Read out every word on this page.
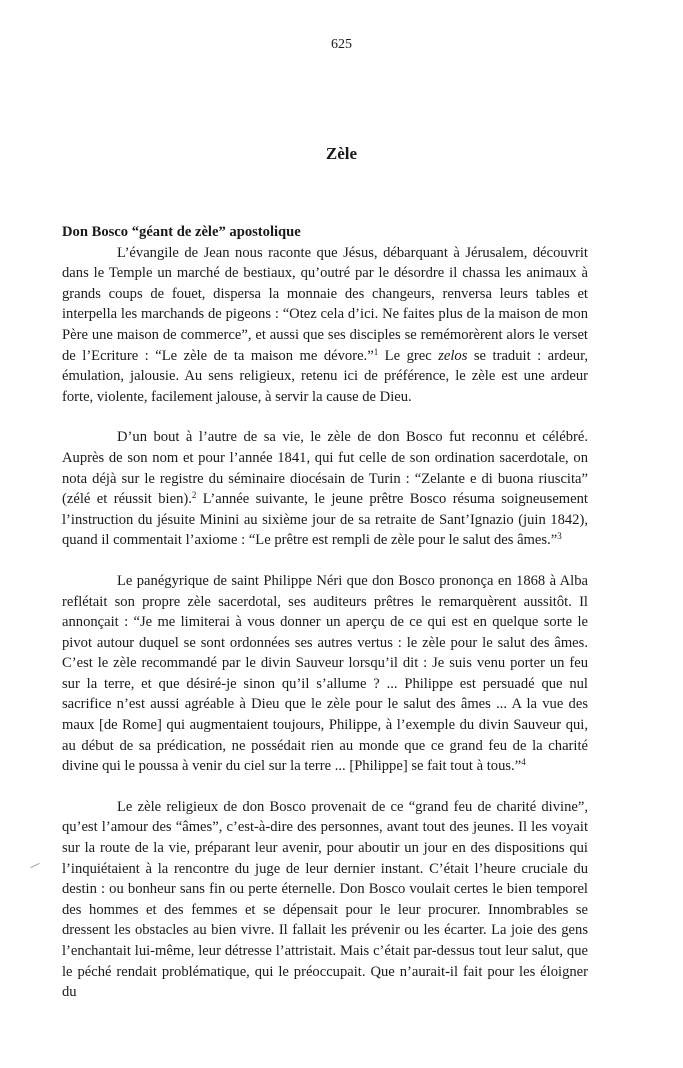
625
Zèle

Don Bosco “géant de zèle” apostolique

L’évangile de Jean nous raconte que Jésus, débarquant à Jérusalem, découvrit dans le Temple un marché de bestiaux, qu’outré par le désordre il chassa les animaux à grands coups de fouet, dispersa la monnaie des changeurs, renversa leurs tables et interpella les marchands de pigeons : “Otez cela d’ici. Ne faites plus de la maison de mon Père une maison de commerce”, et aussi que ses disciples se remémorèrent alors le verset de l’Ecriture : “Le zèle de ta maison me dévore.”$^1$ Le grec zelos se traduit : ardeur, émulation, jalousie. Au sens religieux, retenu ici de préférence, le zèle est une ardeur forte, violente, facilement jalouse, à servir la cause de Dieu.

D’un bout à l’autre de sa vie, le zèle de don Bosco fut reconnu et célébré. Auprès de son nom et pour l’année 1841, qui fut celle de son ordination sacerdotale, on nota déjà sur le registre du séminaire diocésain de Turin : “Zelante e di buona riuscita” (zélé et réussit bien).$^2$ L’année suivante, le jeune prêtre Bosco résuma soigneusement l’instruction du jésuite Minini au sixième jour de sa retraite de Sant’Ignazio (juin 1842), quand il commentait l’axiome : “Le prêtre est rempli de zèle pour le salut des âmes.”$^3$

Le panégyrique de saint Philippe Néri que don Bosco prononça en 1868 à Alba reflétait son propre zèle sacerdotal, ses auditeurs prêtres le remarquèrent aussitôt. Il annonçait : “Je me limiterai à vous donner un aperçu de ce qui est en quelque sorte le pivot autour duquel se sont ordonnées ses autres vertus : le zèle pour le salut des âmes. C’est le zèle recommandé par le divin Sauveur lorsqu’il dit : Je suis venu porter un feu sur la terre, et que désiré-je sinon qu’il s’allume ? ... Philippe est persuadé que nul sacrifice n’est aussi agréable à Dieu que le zèle pour le salut des âmes ... A la vue des maux [de Rome] qui augmentaient toujours, Philippe, à l’exemple du divin Sauveur qui, au début de sa prédication, ne possédait rien au monde que ce grand feu de la charité divine qui le poussa à venir du ciel sur la terre ... [Philippe] se fait tout à tous.”$^4$

Le zèle religieux de don Bosco provenait de ce “grand feu de charité divine”, qu’est l’amour des “âmes”, c’est-à-dire des personnes, avant tout des jeunes. Il les voyait sur la route de la vie, préparant leur avenir, pour aboutir un jour en des dispositions qui l’inquiétaient à la rencontre du juge de leur dernier instant. C’était l’heure cruciale du destin : ou bonheur sans fin ou perte éternelle. Don Bosco voulait certes le bien temporel des hommes et des femmes et se dépensait pour le leur procurer. Innombrables se dressent les obstacles au bien vivre. Il fallait les prévenir ou les écarter. La joie des gens l’enchantait lui-même, leur détresse l’attristait. Mais c’était par-dessus tout leur salut, que le péché rendait problématique, qui le préoccupait. Que n’aurait-il fait pour les éloigner du
